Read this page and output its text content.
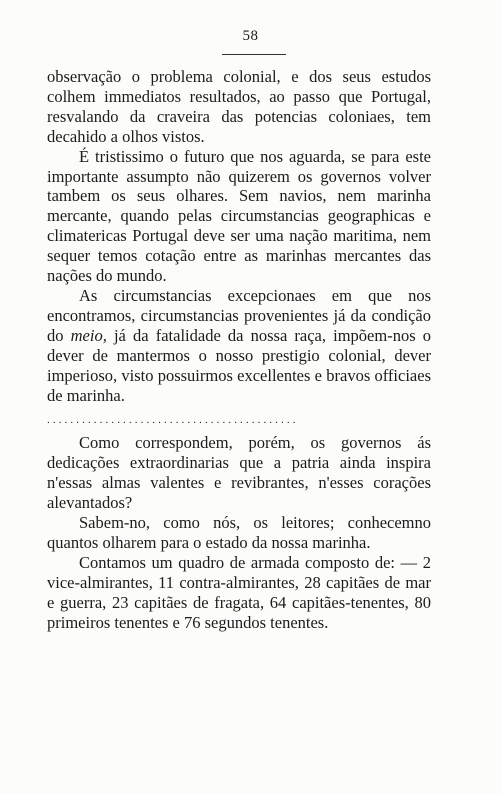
58

observação o problema colonial, e dos seus estudos colhem immediatos resultados, ao passo que Portugal, resvalando da craveira das potencias coloniaes, tem decahido a olhos vistos.

É tristissimo o futuro que nos aguarda, se para este importante assumpto não quizerem os governos volver tambem os seus olhares. Sem navios, nem marinha mercante, quando pelas circumstancias geographicas e climatericas Portugal deve ser uma nação maritima, nem sequer temos cotação entre as marinhas mercantes das nações do mundo.

As circumstancias excepcionaes em que nos encontramos, circumstancias provenientes já da condição do meio, já da fatalidade da nossa raça, impõem-nos o dever de mantermos o nosso prestigio colonial, dever imperioso, visto possuirmos excellentes e bravos officiaes de marinha.

...........................................

Como correspondem, porém, os governos ás dedicações extraordinarias que a patria ainda inspira n'essas almas valentes e revibrantes, n'esses corações alevantados?

Sabem-no, como nós, os leitores; conhecemno quantos olharem para o estado da nossa marinha.

Contamos um quadro de armada composto de: — 2 vice-almirantes, 11 contra-almirantes, 28 capitães de mar e guerra, 23 capitães de fragata, 64 capitães-tenentes, 80 primeiros tenentes e 76 segundos tenentes.
